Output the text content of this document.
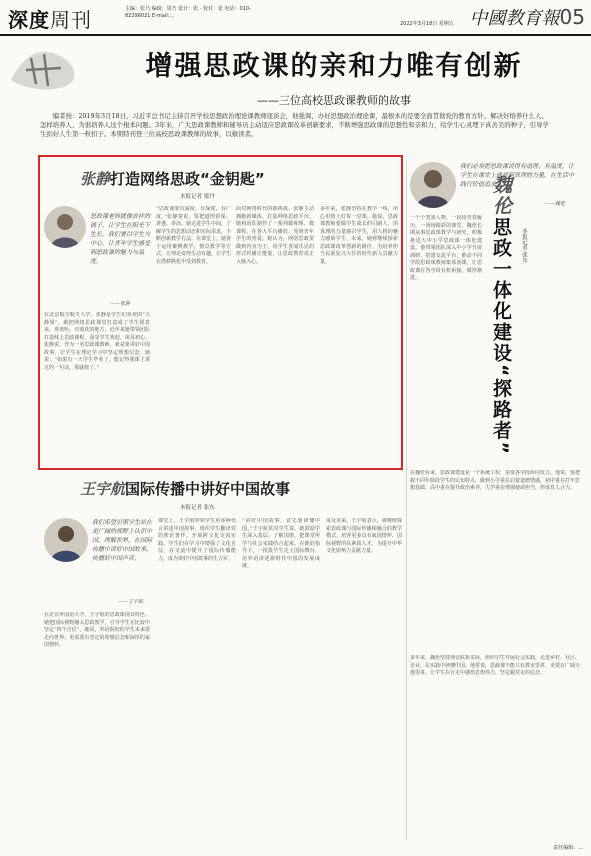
深度周刊	主编：张乃 编辑：周乃 设计：张 · 校对：张 电话：010-82296021 E-mail:...
2022年3月18日 星期五 中國教育報05
增强思政课的亲和力唯有创新
——三位高校思政课教师的故事
编者按：2019年3月18日，习近平总书记主持召开学校思想政治理论课教师座谈会，他强调，办好思想政治理论课，最根本的是要全面贯彻党的教育方针，解决好培养什么人、怎样培养人、为谁培养人这个根本问题。3年来，广大思政课教师和辅导员主动适应思政课改革创新要求，不断增强思政课的思想性和亲和力，给学生心灵埋下真善美的种子，引导学生扣好人生第一粒扣子。本期特刊登三位高校思政课教师的故事，以飨读者。
张静打造网络思政“金钥匙”
本报记者 梁丹
思政课老师就像吉祥的铺子，让学生在阳光下生长，我们要以学生为中心，让青年学生感受到思政课的魅力与温度。
——张静
在北京航空航天大学，张静是学生们喜欢的“大静姐”。她把网络思政课堂打造成了学生愿意来、喜欢听、有收获的地方。近年来她带领团队打造线上思政课程，深受学生欢迎。谈及初心，张静说，作为一名思政课教师，就是要讲好中国故事，让学生在理论学习中坚定理想信念。她说：“如果有一天学生毕业了，能记得我课上讲过的一句话，那就值了。”
“思政课要有温度、有深度、有广度。”张静常说，要把道理讲深、讲透、讲活。她走进学生中间，了解学生的思想动态和实际需求，不断创新教学方法。在课堂上，她善于运用案例教学、情景教学等方式，让理论变得生动有趣，让学生在潜移默化中受到教育。
面对网络时代的新挑战，张静主动拥抱新媒体，打造网络思政平台。她和团队制作了一系列微视频、微课程，在各大平台播放，受到青年学生的喜爱。她认为，网络思政要做到内容为王，用学生喜闻乐见的形式传播正能量，让思政教育真正入脑入心。
多年来，张静坚持在教学一线，用心用情上好每一堂课。她说，思政课教师要做学生成长的引路人，用真理的力量感召学生，用人格的魅力感染学生。未来，她将继续探索思政课改革创新的路径，为培养担当民族复兴大任的时代新人贡献力量。
我们必须把思政课讲得有道理、有温度，让学生在课堂上感受到真理的力量，在生活中践行价值追求。
——魏伦
魏伦思政一体化建设“探路者”	本报记者 张东
一个个笔墨人物、一段段青春履历，一场场精彩的课堂。魏伦长期从事思政课教学与研究，积极推进大中小学思政课一体化建设。他带领团队深入中小学开展调研，搭建交流平台，推动不同学段思政课教师集体备课，让思政课在各学段有机衔接、循序渐进。
在魏伦看来，思政课建设是一个系统工程，需要各学段协同发力。他说，要把握不同年龄段学生的认知特点，做到小学重在启蒙道德情感，初中重在打牢思想基础，高中重在提升政治素养，大学重在增强使命担当，形成育人合力。
多年来，魏伦坚持理论联系实际，组织学生开展社会实践，走进乡村、社区、企业，在实践中读懂中国。他常说，思政课不能只在教室里讲，更要在广阔天地里讲，让学生在行走中感悟思想伟力，坚定跟党走的信念。
王宇航国际传播中讲好中国故事
本报记者 张东
我们希望引领学生站在更广阔的视野上认识中国、理解世界，在国际传播中讲好中国故事，传播好中国声音。
——王宇航
在北京外国语大学，王宇航的思政课别具特色。她把国际视野融入思政教学，引导学生在比较中坚定“四个自信”。她说，外语院校的学生未来要走向世界，更需要有坚定的理想信念和深厚的家国情怀。
课堂上，王宇航带领学生用多种语言讲述中国故事，组织学生翻译党的理论著作，开展跨文化交流实践。学生们在学习中增强了文化自信，在交流中提升了国际传播能力，成为讲好中国故事的生力军。
“讲好中国故事，首先要读懂中国。”王宇航常对学生说。她鼓励学生深入基层、了解国情，把课堂所学与社会实践结合起来。在她的指导下，一批批学生走上国际舞台，用外语讲述新时代中国的发展成就。
谈及未来，王宇航表示，将继续探索思政课与国际传播相融合的教学模式，培养更多具有家国情怀、国际视野的高素质人才，为提升中华文化影响力贡献力量。
责任编辑：...
